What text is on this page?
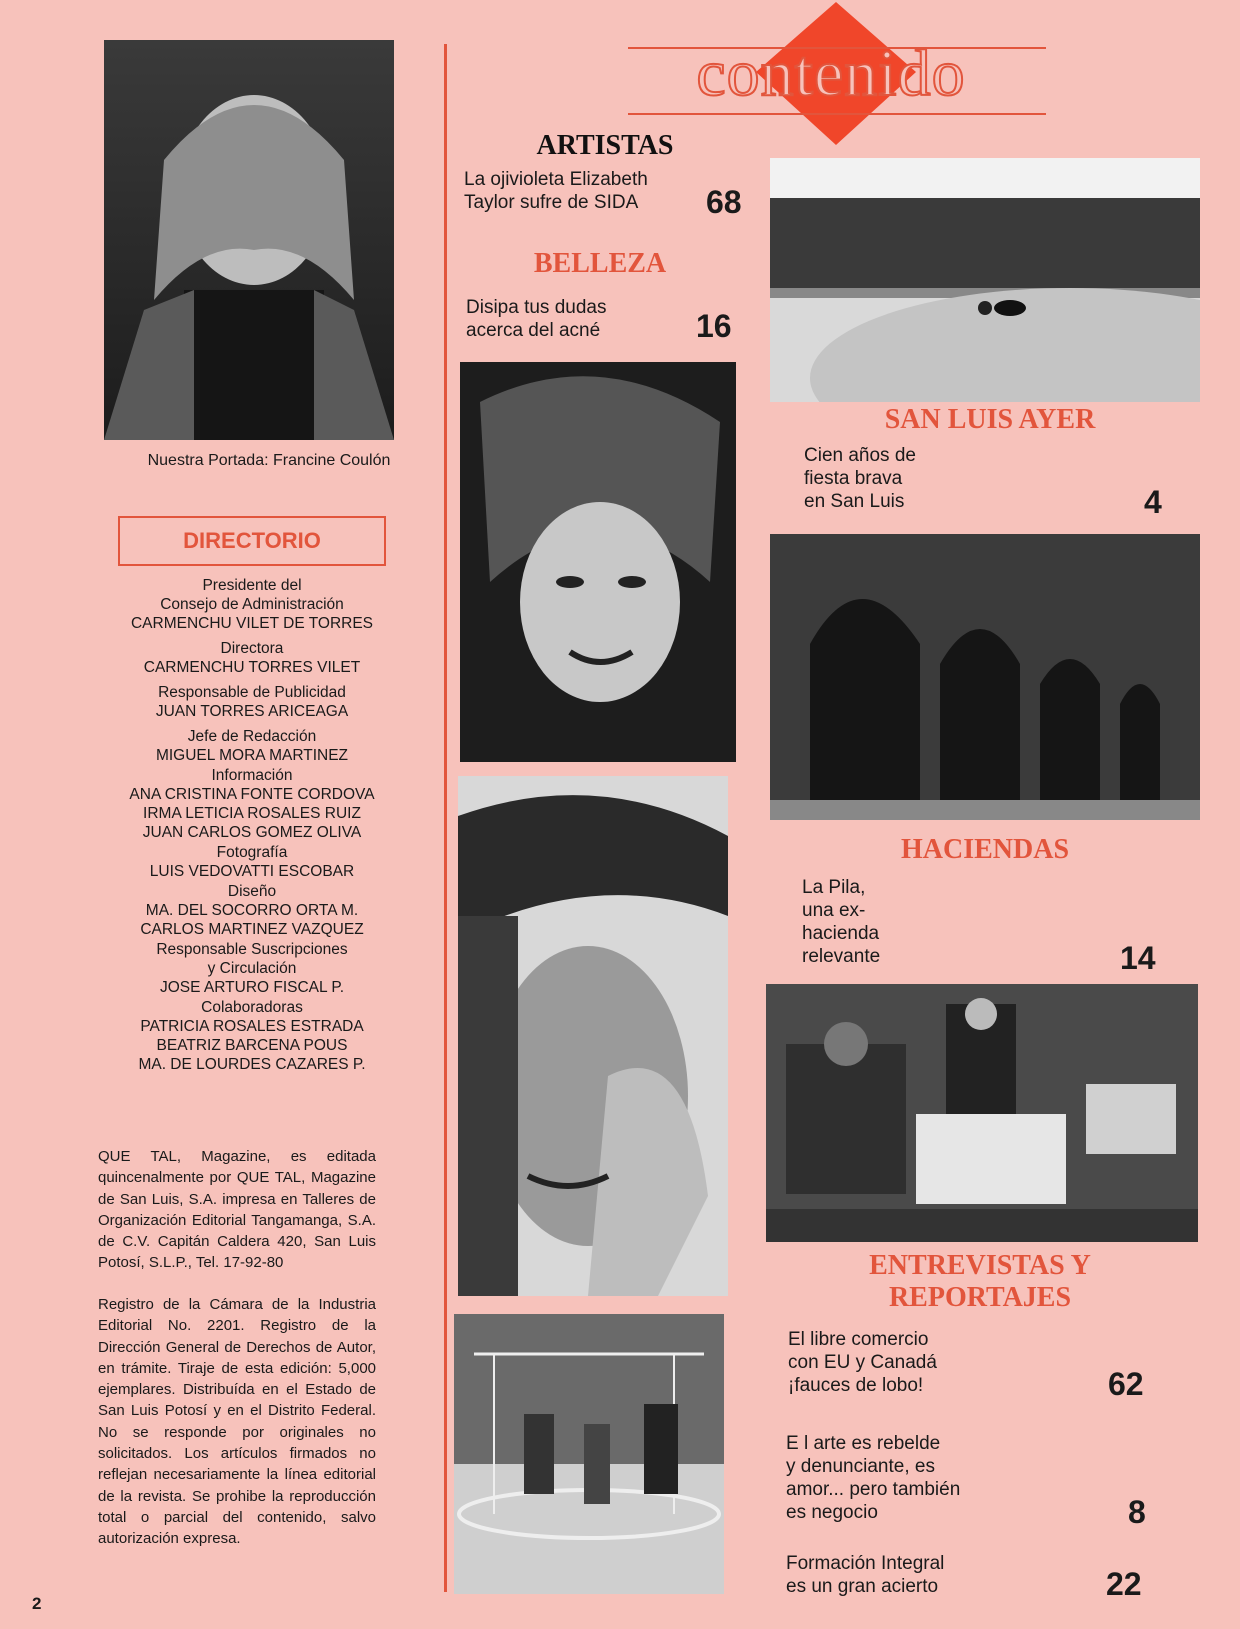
Nuestra Portada: Francine Coulón
DIRECTORIO
Presidente del
Consejo de Administración
CARMENCHU VILET DE TORRES
Directora
CARMENCHU TORRES VILET
Responsable de Publicidad
JUAN TORRES ARICEAGA
Jefe de Redacción
MIGUEL MORA MARTINEZ
Información
ANA CRISTINA FONTE CORDOVA
IRMA LETICIA ROSALES RUIZ
JUAN CARLOS GOMEZ OLIVA
Fotografía
LUIS VEDOVATTI ESCOBAR
Diseño
MA. DEL SOCORRO ORTA M.
CARLOS MARTINEZ VAZQUEZ
Responsable Suscripciones
y Circulación
JOSE ARTURO FISCAL P.
Colaboradoras
PATRICIA ROSALES ESTRADA
BEATRIZ BARCENA POUS
MA. DE LOURDES CAZARES P.
QUE TAL, Magazine, es editada quincenalmente por QUE TAL, Magazine de San Luis, S.A. impresa en Talleres de Organización Editorial Tangamanga, S.A. de C.V. Capitán Caldera 420, San Luis Potosí, S.L.P., Tel. 17-92-80
Registro de la Cámara de la Industria Editorial No. 2201. Registro de la Dirección General de Derechos de Autor, en trámite. Tiraje de esta edición: 5,000 ejemplares. Distribuída en el Estado de San Luis Potosí y en el Distrito Federal. No se responde por originales no solicitados. Los artículos firmados no reflejan necesariamente la línea editorial de la revista. Se prohibe la reproducción total o parcial del contenido, salvo autorización expresa.
2
contenido
ARTISTAS
La ojivioleta Elizabeth
Taylor sufre de SIDA 68
BELLEZA
Disipa tus dudas
acerca del acné	16
SAN LUIS AYER
Cien años de
fiesta brava
en San Luis	4
HACIENDAS
La Pila,
una ex-
hacienda
relevante	14
ENTREVISTAS Y
REPORTAJES
El libre comercio
con EU y Canadá
¡fauces de lobo!	62
E l arte es rebelde
y denunciante, es
amor... pero también
es negocio	8
Formación Integral
es un gran acierto	22
